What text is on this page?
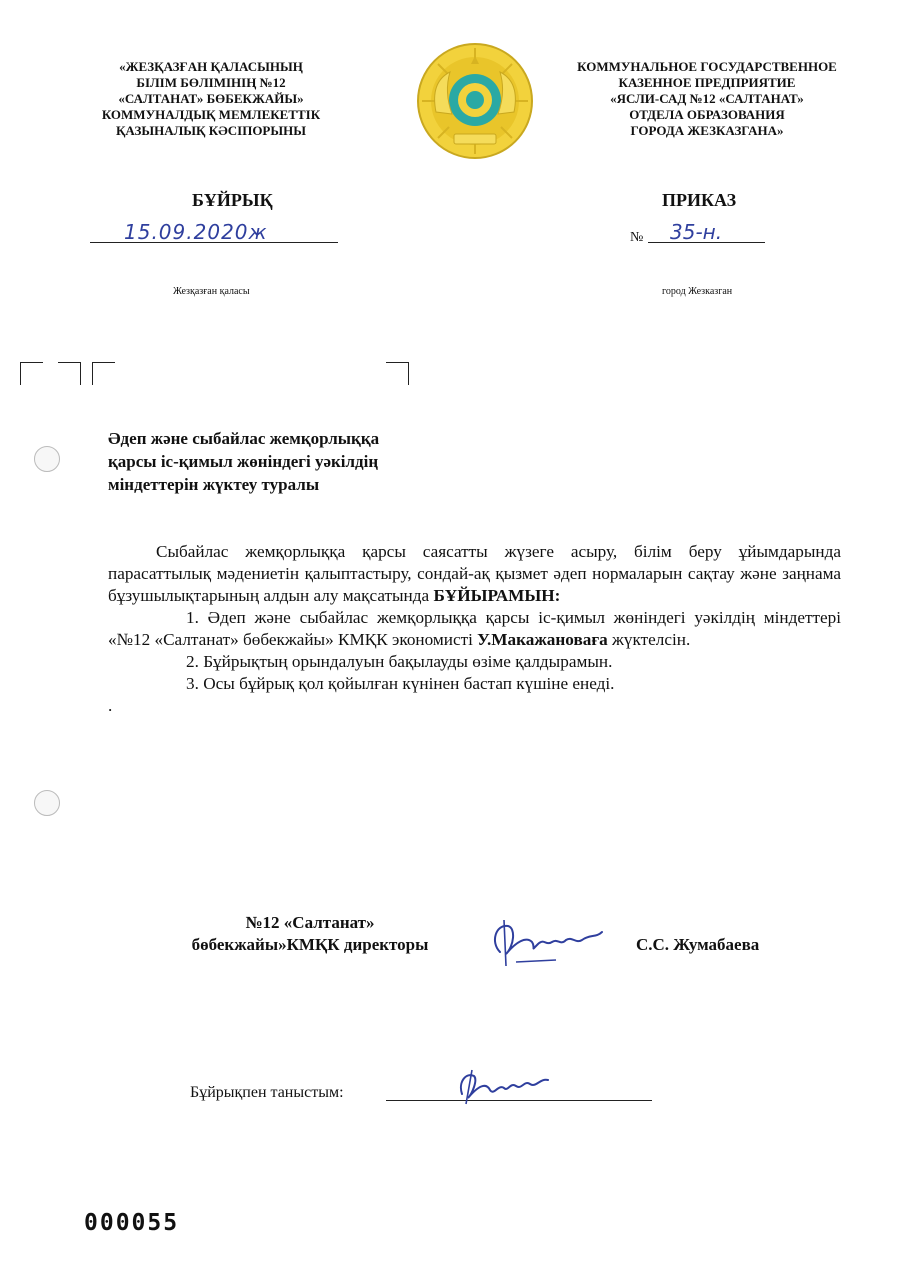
«ЖЕЗҚАЗҒАН ҚАЛАСЫНЫҢ
БІЛІМ БӨЛІМІНІҢ №12
«САЛТАНАТ» БӨБЕКЖАЙЫ»
КОММУНАЛДЫҚ МЕМЛЕКЕТТІК
ҚАЗЫНАЛЫҚ КӘСІПОРЫНЫ
КОММУНАЛЬНОЕ ГОСУДАРСТВЕННОЕ
КАЗЕННОЕ ПРЕДПРИЯТИЕ
«ЯСЛИ-САД №12 «САЛТАНАТ»
ОТДЕЛА ОБРАЗОВАНИЯ
ГОРОДА ЖЕЗКАЗГАНА»
БҰЙРЫҚ	ПРИКАЗ
15.09.2020ж	№ 35-н.
Жезқазған қаласы	город Жезказган
Әдеп және сыбайлас жемқорлыққа
қарсы іс-қимыл жөніндегі уәкілдің
міндеттерін жүктеу туралы

Сыбайлас жемқорлыққа қарсы саясатты жүзеге асыру, білім беру ұйымдарында парасаттылық мәдениетін қалыптастыру, сондай-ақ қызмет әдеп нормаларын сақтау және заңнама бұзушылықтарының алдын алу мақсатында БҰЙЫРАМЫН:

1. Әдеп және сыбайлас жемқорлыққа қарсы іс-қимыл жөніндегі уәкілдің міндеттері «№12 «Салтанат» бөбекжайы» КМҚК экономисті У.Макажановаға жүктелсін.

2. Бұйрықтың орындалуын бақылауды өзіме қалдырамын.

3. Осы бұйрық қол қойылған күнінен бастап күшіне енеді.

.

№12 «Салтанат»
бөбекжайы»КМҚК директоры	С.С. Жумабаева
Бұйрықпен таныстым:
000055
